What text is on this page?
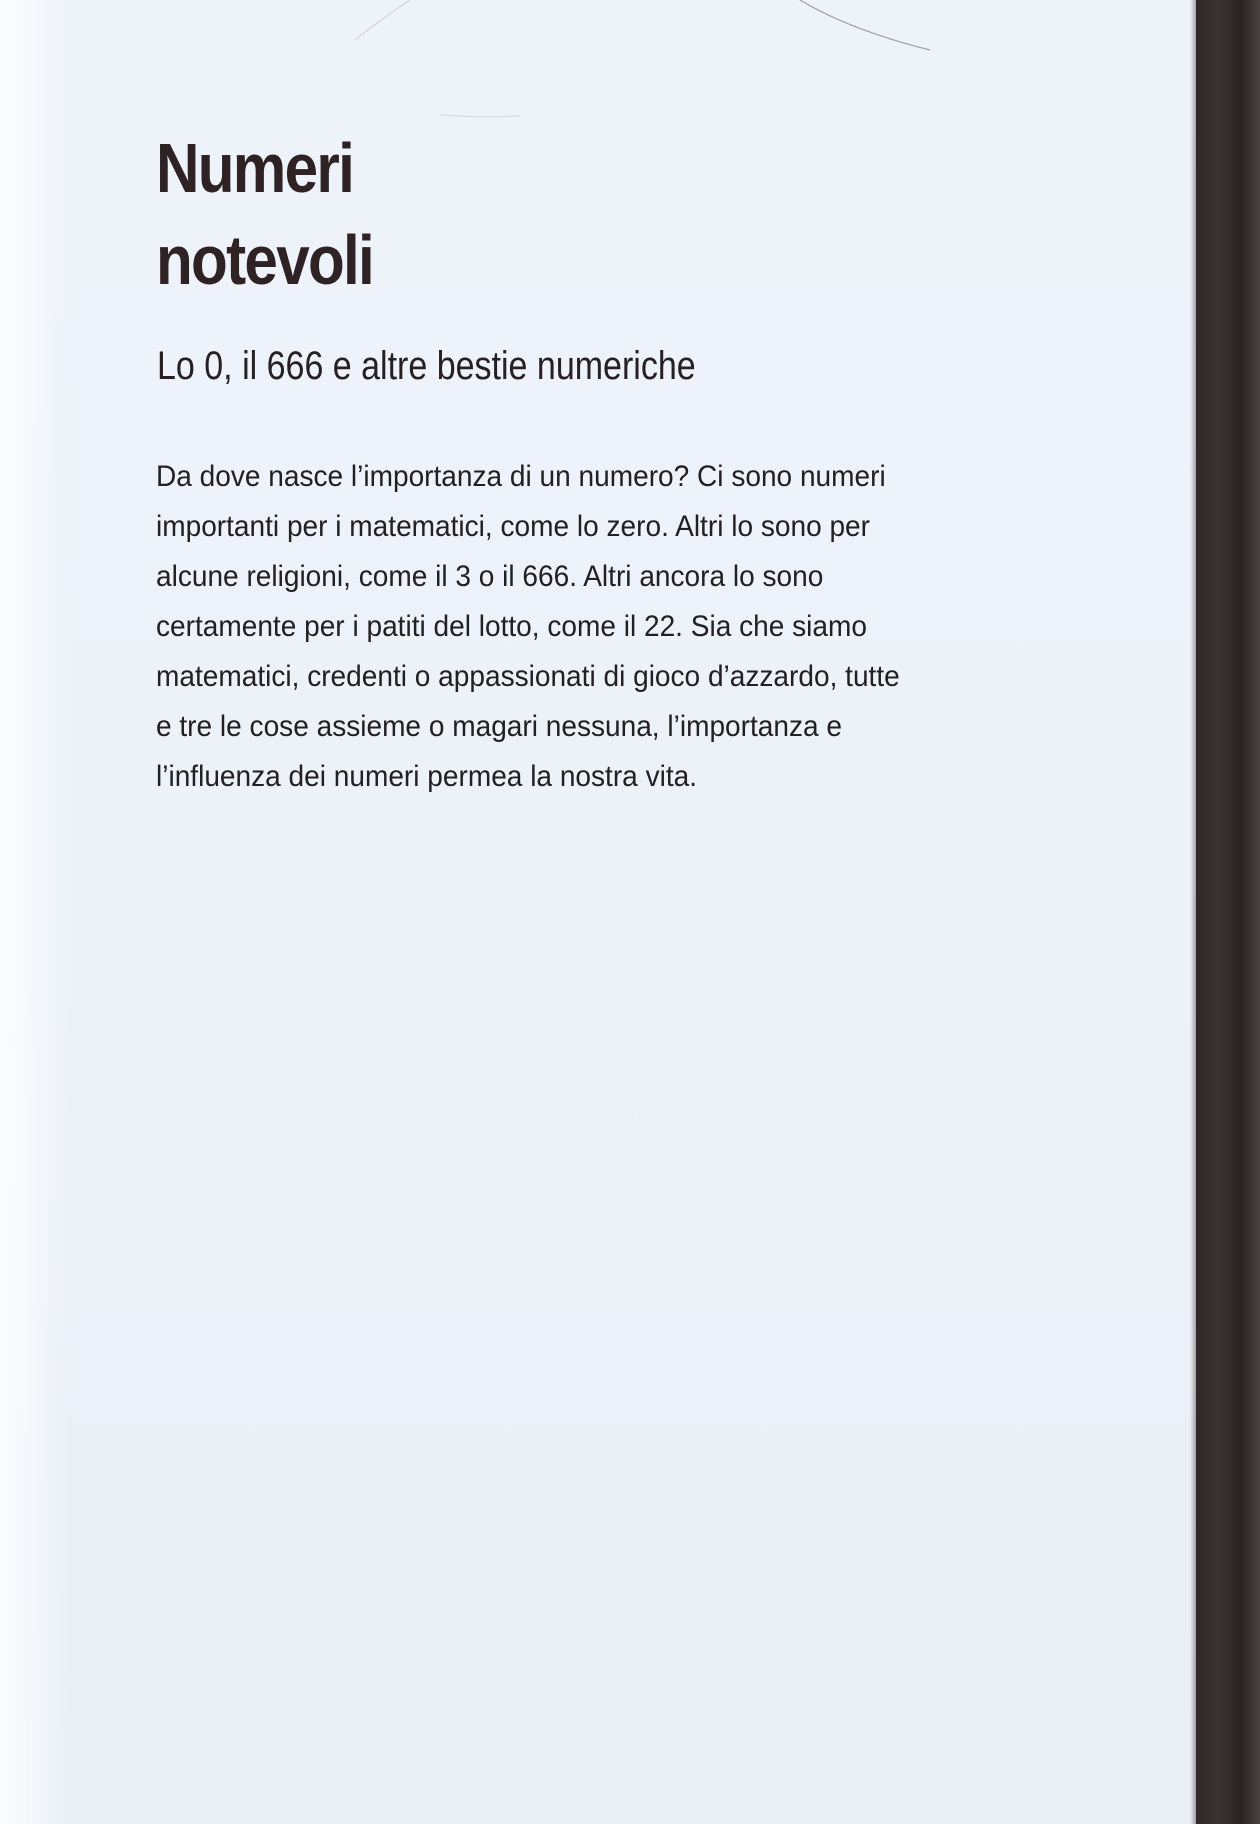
Numeri
notevoli

Lo 0, il 666 e altre bestie numeriche

Da dove nasce l’importanza di un numero? Ci sono numeri
importanti per i matematici, come lo zero. Altri lo sono per
alcune religioni, come il 3 o il 666. Altri ancora lo sono
certamente per i patiti del lotto, come il 22. Sia che siamo
matematici, credenti o appassionati di gioco d’azzardo, tutte
e tre le cose assieme o magari nessuna, l’importanza e
l’influenza dei numeri permea la nostra vita.
